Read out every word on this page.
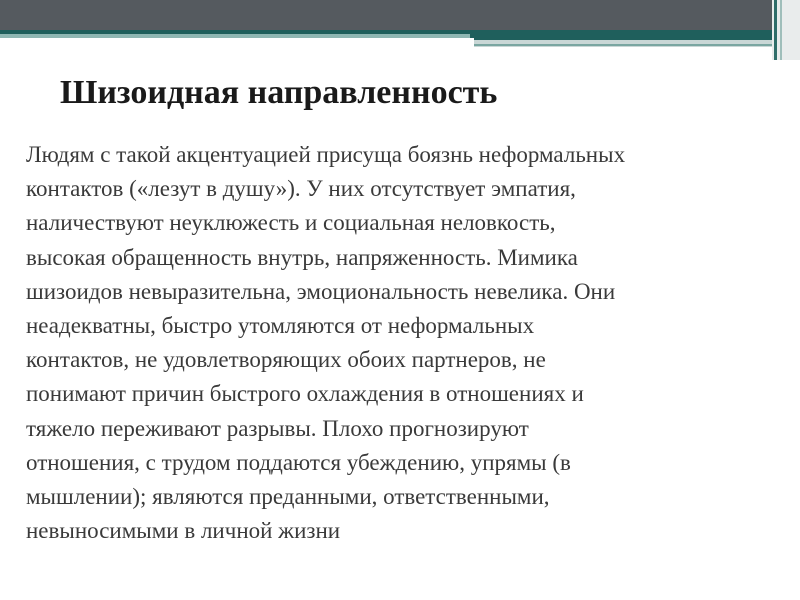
Шизоидная направленность
Людям с такой акцентуацией присуща боязнь неформальных
контактов («лезут в душу»). У них отсутствует эмпатия,
наличествуют неуклюжесть и социальная неловкость,
высокая обращенность внутрь, напряженность. Мимика
шизоидов невыразительна, эмоциональность невелика. Они
неадекватны, быстро утомляются от неформальных
контактов, не удовлетворяющих обоих партнеров, не
понимают причин быстрого охлаждения в отношениях и
тяжело переживают разрывы. Плохо прогнозируют
отношения, с трудом поддаются убеждению, упрямы (в
мышлении); являются преданными, ответственными,
невыносимыми в личной жизни
